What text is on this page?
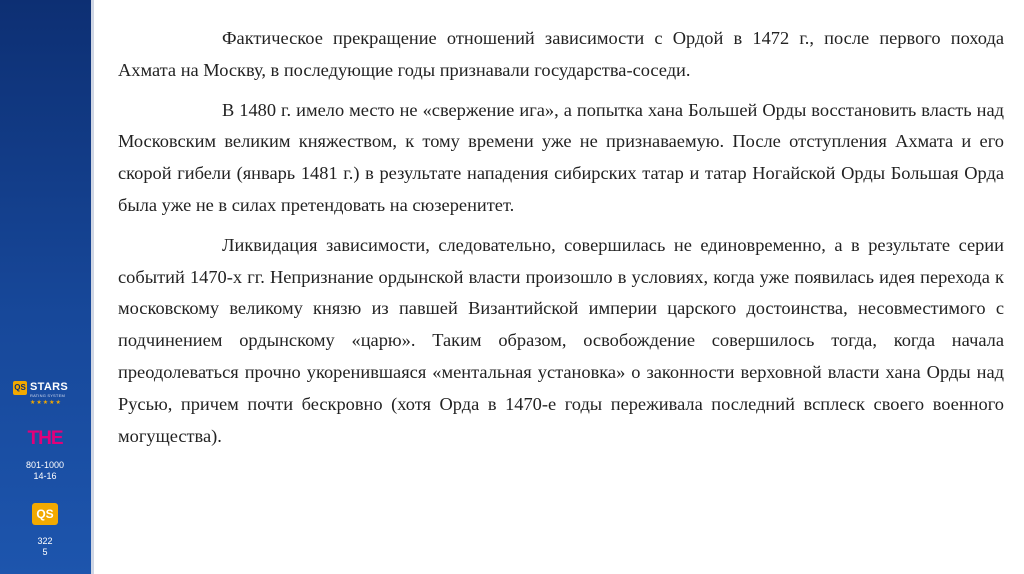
QS STARS
RATING SYSTEM
★★★★★
THE
801-1000
14-16
QS
322
5

Фактическое прекращение отношений зависимости с Ордой в 1472 г., после первого похода Ахмата на Москву, в последующие годы признавали государства-соседи.

В 1480 г. имело место не «свержение ига», а попытка хана Большей Орды восстановить власть над Московским великим княжеством, к тому времени уже не признаваемую. После отступления Ахмата и его скорой гибели (январь 1481 г.) в результате нападения сибирских татар и татар Ногайской Орды Большая Орда была уже не в силах претендовать на сюзеренитет.

Ликвидация зависимости, следовательно, совершилась не единовременно, а в результате серии событий 1470-х гг. Непризнание ордынской власти произошло в условиях, когда уже появилась идея перехода к московскому великому князю из павшей Византийской империи царского достоинства, несовместимого с подчинением ордынскому «царю». Таким образом, освобождение совершилось тогда, когда начала преодолеваться прочно укоренившаяся «ментальная установка» о законности верховной власти хана Орды над Русью, причем почти бескровно (хотя Орда в 1470-е годы переживала последний всплеск своего военного могущества).
